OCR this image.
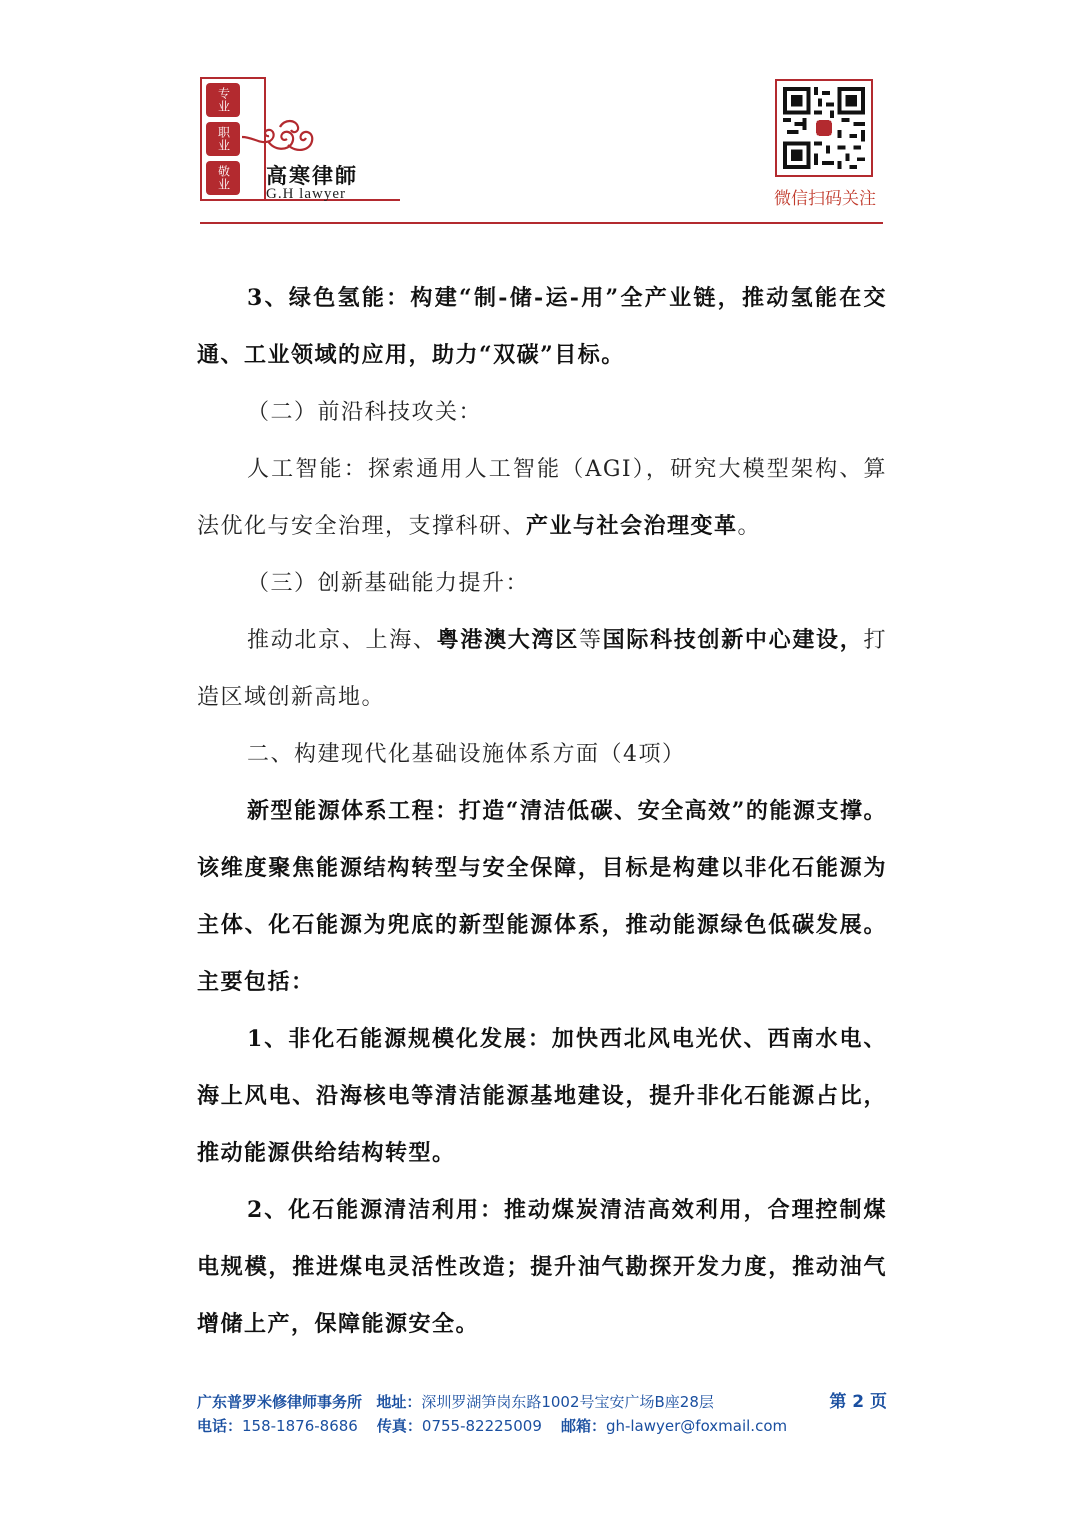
专业
职业
敬业	高寒律師
G.H lawyer	微信扫码关注

3、绿色氢能：构建“制-储-运-用”全产业链，推动氢能在交通、工业领域的应用，助力“双碳”目标。

（二）前沿科技攻关：

人工智能：探索通用人工智能（AGI），研究大模型架构、算法优化与安全治理，支撑科研、产业与社会治理变革。

（三）创新基础能力提升：

推动北京、上海、粤港澳大湾区等国际科技创新中心建设，打造区域创新高地。

二、构建现代化基础设施体系方面（4项）

新型能源体系工程：打造“清洁低碳、安全高效”的能源支撑。该维度聚焦能源结构转型与安全保障，目标是构建以非化石能源为主体、化石能源为兜底的新型能源体系，推动能源绿色低碳发展。主要包括：

1、非化石能源规模化发展：加快西北风电光伏、西南水电、海上风电、沿海核电等清洁能源基地建设，提升非化石能源占比，推动能源供给结构转型。

2、化石能源清洁利用：推动煤炭清洁高效利用，合理控制煤电规模，推进煤电灵活性改造；提升油气勘探开发力度，推动油气增储上产，保障能源安全。

广东普罗米修律师事务所 地址：深圳罗湖笋岗东路1002号宝安广场B座28层	第 2 页
电话：158-1876-8686 传真：0755-82225009 邮箱：gh-lawyer@foxmail.com
